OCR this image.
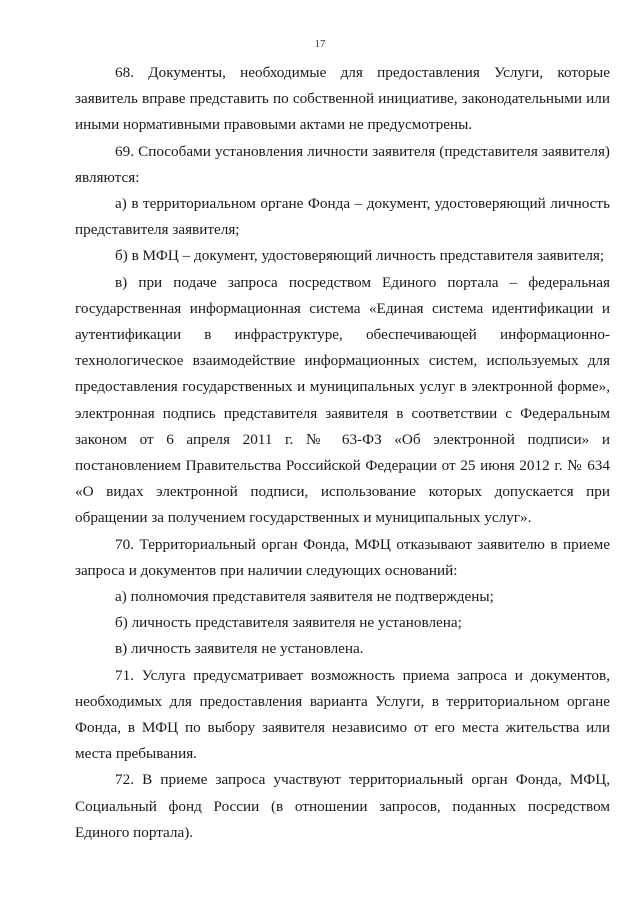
17

68. Документы, необходимые для предоставления Услуги, которые заявитель вправе представить по собственной инициативе, законодательными или иными нормативными правовыми актами не предусмотрены.

69. Способами установления личности заявителя (представителя заявителя) являются:

а) в территориальном органе Фонда – документ, удостоверяющий личность представителя заявителя;

б) в МФЦ – документ, удостоверяющий личность представителя заявителя;

в) при подаче запроса посредством Единого портала – федеральная государственная информационная система «Единая система идентификации и аутентификации в инфраструктуре, обеспечивающей информационно-технологическое взаимодействие информационных систем, используемых для предоставления государственных и муниципальных услуг в электронной форме», электронная подпись представителя заявителя в соответствии с Федеральным законом от 6 апреля 2011 г. № 63-ФЗ «Об электронной подписи» и постановлением Правительства Российской Федерации от 25 июня 2012 г. № 634 «О видах электронной подписи, использование которых допускается при обращении за получением государственных и муниципальных услуг».

70. Территориальный орган Фонда, МФЦ отказывают заявителю в приеме запроса и документов при наличии следующих оснований:

а) полномочия представителя заявителя не подтверждены;

б) личность представителя заявителя не установлена;

в) личность заявителя не установлена.

71. Услуга предусматривает возможность приема запроса и документов, необходимых для предоставления варианта Услуги, в территориальном органе Фонда, в МФЦ по выбору заявителя независимо от его места жительства или места пребывания.

72. В приеме запроса участвуют территориальный орган Фонда, МФЦ, Социальный фонд России (в отношении запросов, поданных посредством Единого портала).
